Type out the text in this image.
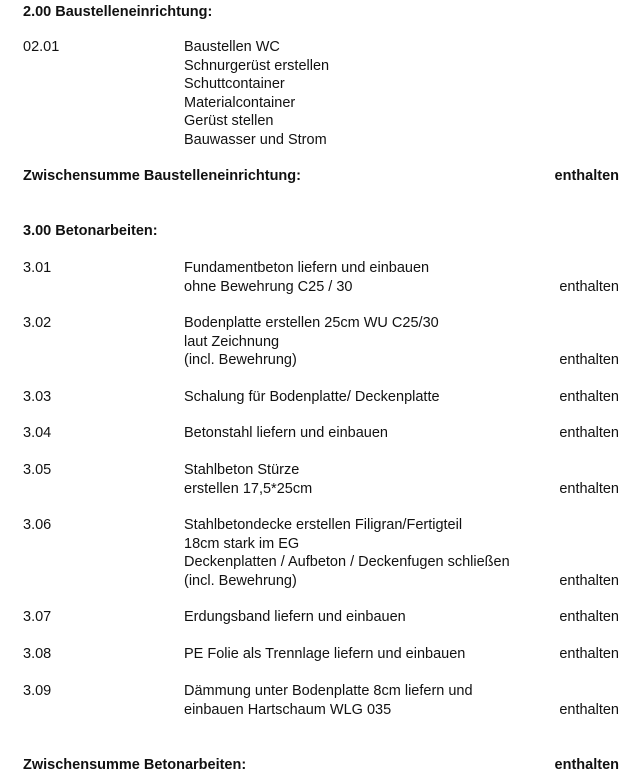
2.00 Baustelleneinrichtung:
02.01	Baustellen WC
Schnurgerüst erstellen
Schuttcontainer
Materialcontainer
Gerüst stellen
Bauwasser und Strom
Zwischensumme Baustelleneinrichtung:	enthalten
3.00 Betonarbeiten:
3.01	Fundamentbeton liefern und einbauen
ohne Bewehrung C25 / 30	enthalten
3.02	Bodenplatte erstellen 25cm WU C25/30
laut Zeichnung
(incl. Bewehrung)	enthalten
3.03	Schalung für Bodenplatte/ Deckenplatte	enthalten
3.04	Betonstahl liefern und einbauen	enthalten
3.05	Stahlbeton Stürze
erstellen 17,5*25cm	enthalten
3.06	Stahlbetondecke erstellen Filigran/Fertigteil
18cm stark im EG
Deckenplatten / Aufbeton / Deckenfugen schließen
(incl. Bewehrung)	enthalten
3.07	Erdungsband liefern und einbauen	enthalten
3.08	PE Folie als Trennlage liefern und einbauen	enthalten
3.09	Dämmung unter Bodenplatte 8cm liefern und
einbauen Hartschaum WLG 035	enthalten
Zwischensumme Betonarbeiten:	enthalten
